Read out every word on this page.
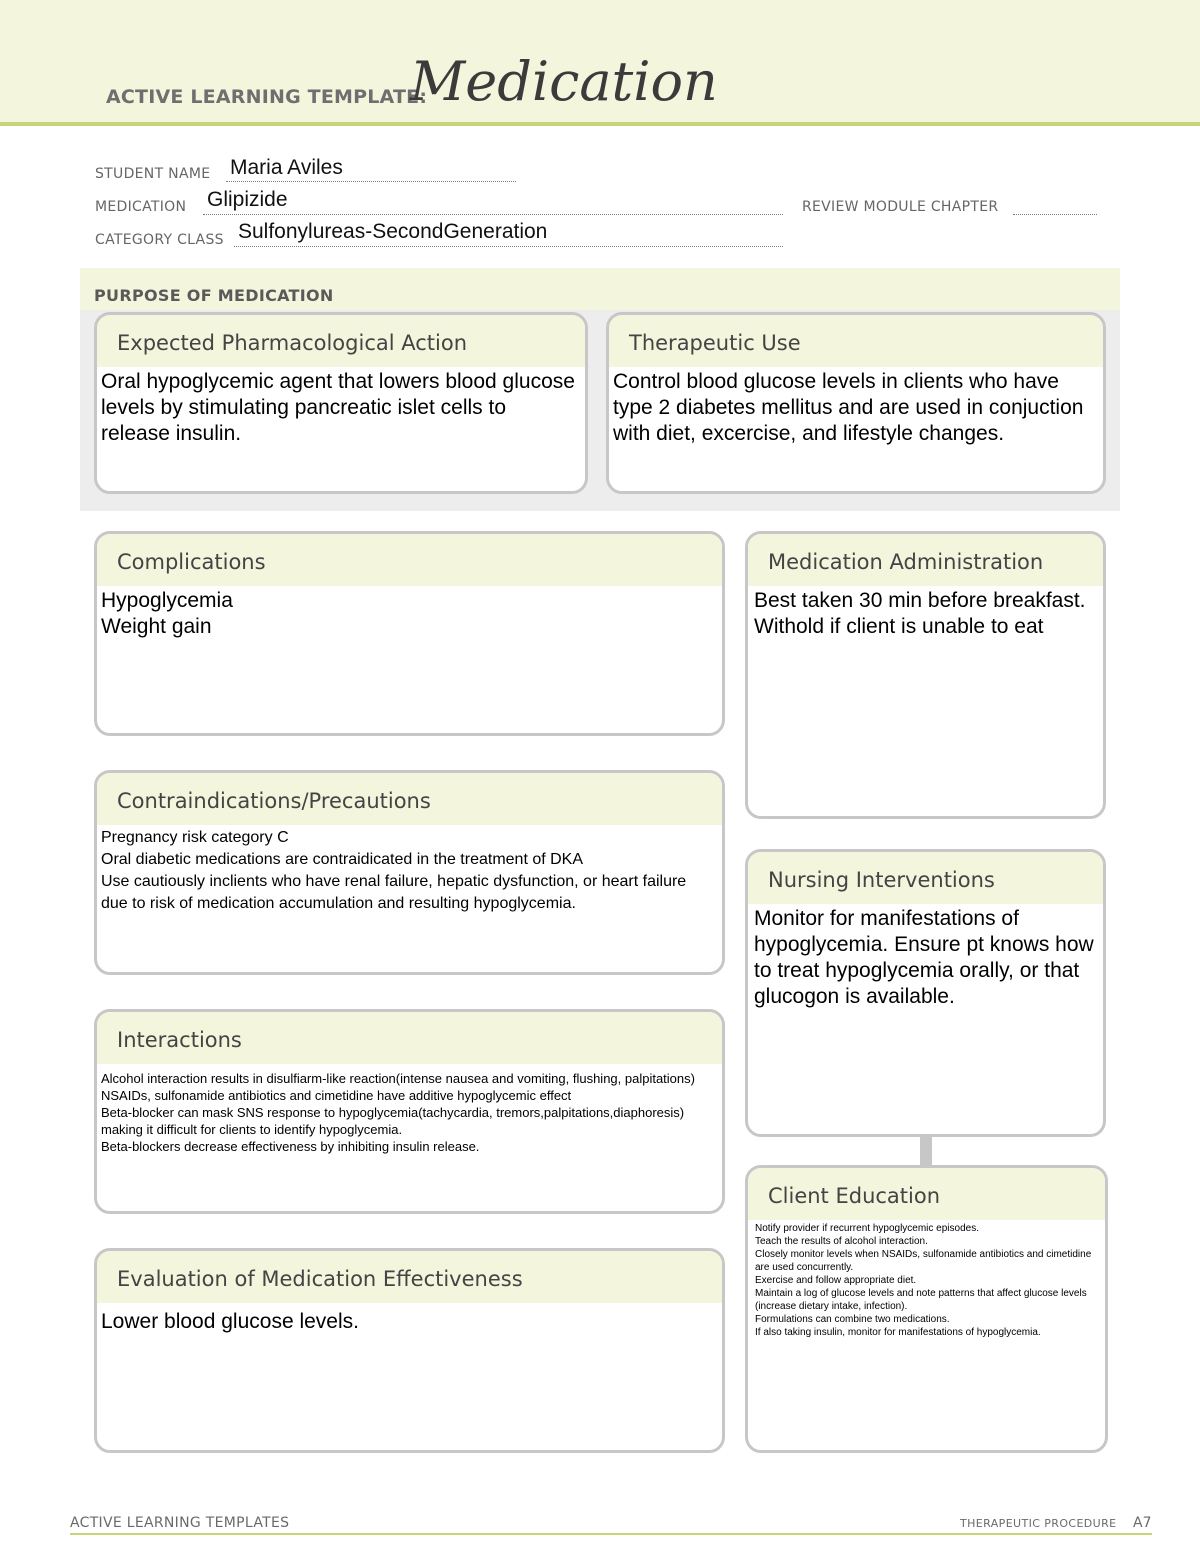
ACTIVE LEARNING TEMPLATE:
Medication
STUDENT NAME Maria Aviles
MEDICATION Glipizide	REVIEW MODULE CHAPTER
CATEGORY CLASS Sulfonylureas-SecondGeneration
PURPOSE OF MEDICATION
Expected Pharmacological Action
Oral hypoglycemic agent that lowers blood glucose levels by stimulating pancreatic islet cells to release insulin.
Therapeutic Use
Control blood glucose levels in clients who have type 2 diabetes mellitus and are used in conjuction with diet, excercise, and lifestyle changes.
Complications
Hypoglycemia
Weight gain
Contraindications/Precautions
Pregnancy risk category C
Oral diabetic medications are contraidicated in the treatment of DKA
Use cautiously inclients who have renal failure, hepatic dysfunction, or heart failure due to risk of medication accumulation and resulting hypoglycemia.
Interactions
Alcohol interaction results in disulfiarm-like reaction(intense nausea and vomiting, flushing, palpitations)
NSAIDs, sulfonamide antibiotics and cimetidine have additive hypoglycemic effect
Beta-blocker can mask SNS response to hypoglycemia(tachycardia, tremors,palpitations,diaphoresis) making it difficult for clients to identify hypoglycemia.
Beta-blockers decrease effectiveness by inhibiting insulin release.
Evaluation of Medication Effectiveness
Lower blood glucose levels.
Medication Administration
Best taken 30 min before breakfast. Withold if client is unable to eat
Nursing Interventions
Monitor for manifestations of hypoglycemia. Ensure pt knows how to treat hypoglycemia orally, or that glucogon is available.
Client Education
Notify provider if recurrent hypoglycemic episodes.
Teach the results of alcohol interaction.
Closely monitor levels when NSAIDs, sulfonamide antibiotics and cimetidine are used concurrently.
Exercise and follow appropriate diet.
Maintain a log of glucose levels and note patterns that affect glucose levels (increase dietary intake, infection).
Formulations can combine two medications.
If also taking insulin, monitor for manifestations of hypoglycemia.
ACTIVE LEARNING TEMPLATES	THERAPEUTIC PROCEDURE A7
